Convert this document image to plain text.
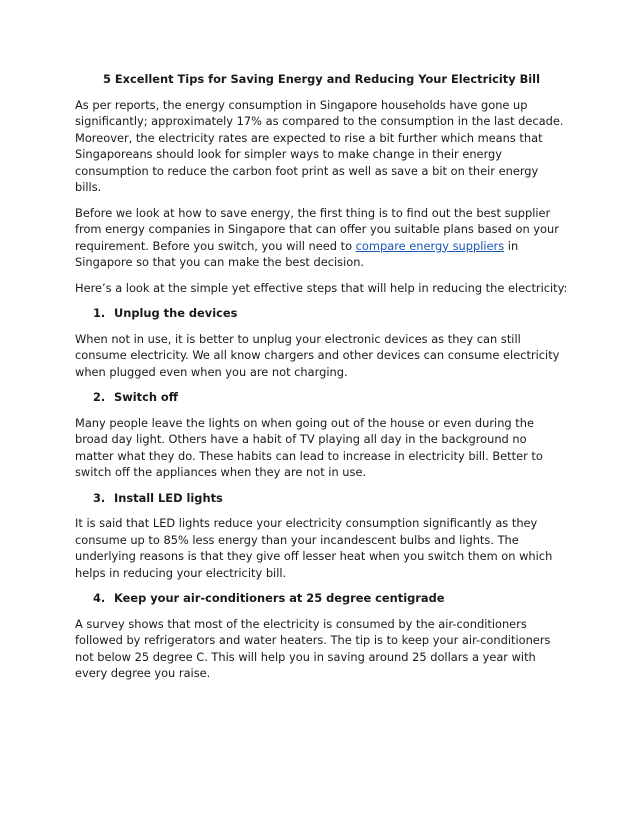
5 Excellent Tips for Saving Energy and Reducing Your Electricity Bill

As per reports, the energy consumption in Singapore households have gone up significantly; approximately 17% as compared to the consumption in the last decade. Moreover, the electricity rates are expected to rise a bit further which means that Singaporeans should look for simpler ways to make change in their energy consumption to reduce the carbon foot print as well as save a bit on their energy bills.

Before we look at how to save energy, the first thing is to find out the best supplier from energy companies in Singapore that can offer you suitable plans based on your requirement. Before you switch, you will need to compare energy suppliers in Singapore so that you can make the best decision.

Here’s a look at the simple yet effective steps that will help in reducing the electricity:

1. Unplug the devices

When not in use, it is better to unplug your electronic devices as they can still consume electricity. We all know chargers and other devices can consume electricity when plugged even when you are not charging.

2. Switch off

Many people leave the lights on when going out of the house or even during the broad day light. Others have a habit of TV playing all day in the background no matter what they do. These habits can lead to increase in electricity bill. Better to switch off the appliances when they are not in use.

3. Install LED lights

It is said that LED lights reduce your electricity consumption significantly as they consume up to 85% less energy than your incandescent bulbs and lights. The underlying reasons is that they give off lesser heat when you switch them on which helps in reducing your electricity bill.

4. Keep your air-conditioners at 25 degree centigrade

A survey shows that most of the electricity is consumed by the air-conditioners followed by refrigerators and water heaters. The tip is to keep your air-conditioners not below 25 degree C. This will help you in saving around 25 dollars a year with every degree you raise.
